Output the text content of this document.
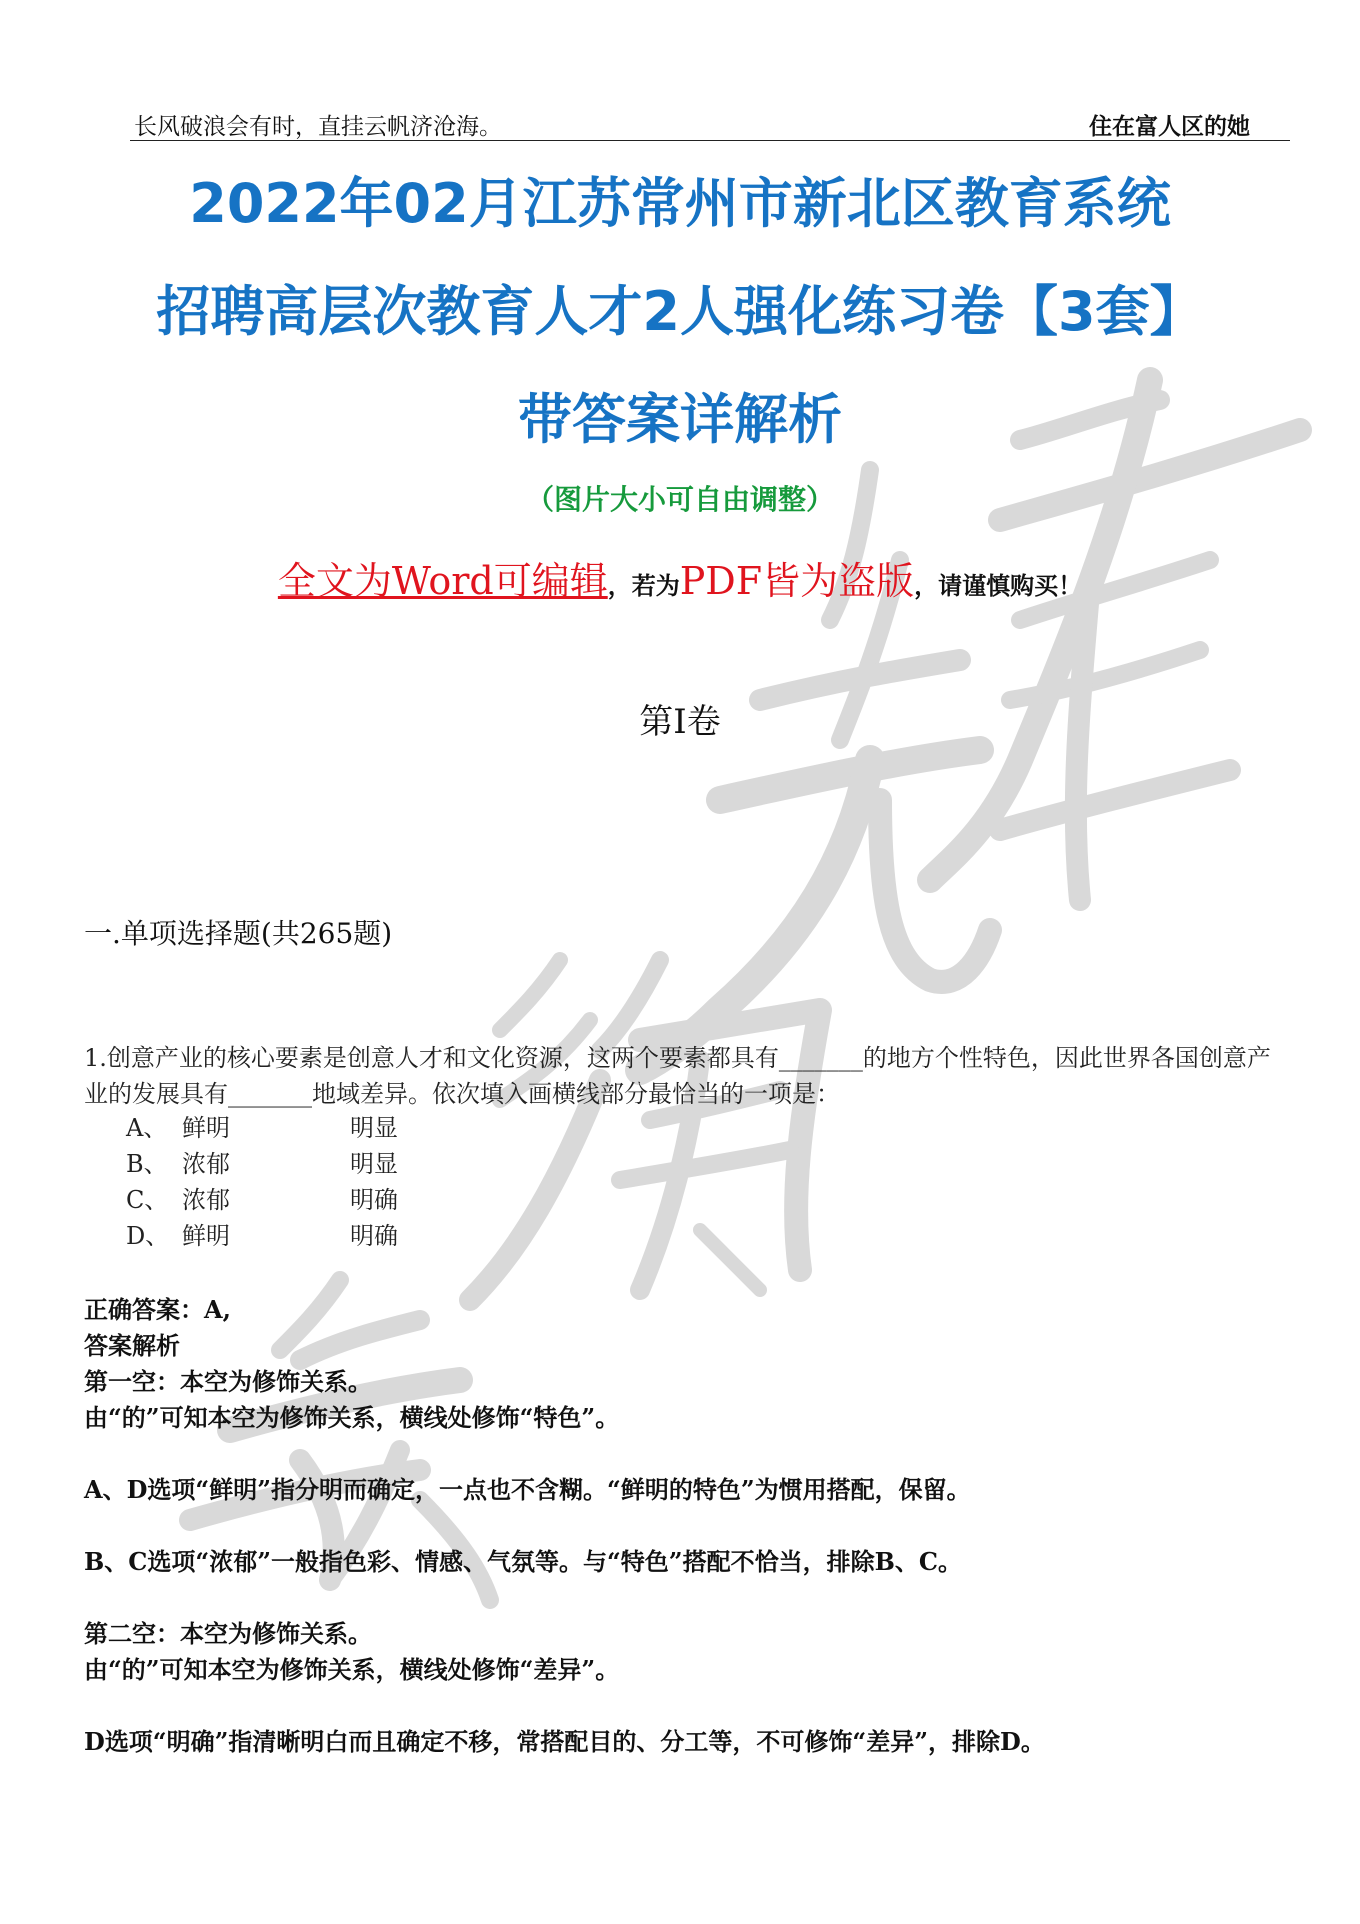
长风破浪会有时，直挂云帆济沧海。	住在富人区的她
2022年02月江苏常州市新北区教育系统
招聘高层次教育人才2人强化练习卷【3套】
带答案详解析
（图片大小可自由调整）
全文为Word可编辑，若为PDF皆为盗版，请谨慎购买！
第Ⅰ卷
一.单项选择题(共265题)
1.创意产业的核心要素是创意人才和文化资源，这两个要素都具有_______的地方个性特色，因此世界各国创意产业的发展具有_______地域差异。依次填入画横线部分最恰当的一项是：
A、 鲜明	明显
B、 浓郁	明显
C、 浓郁	明确
D、 鲜明	明确
正确答案：A,
答案解析
第一空：本空为修饰关系。
由“的”可知本空为修饰关系，横线处修饰“特色”。
A、D选项“鲜明”指分明而确定，一点也不含糊。“鲜明的特色”为惯用搭配，保留。
B、C选项“浓郁”一般指色彩、情感、气氛等。与“特色”搭配不恰当，排除B、C。
第二空：本空为修饰关系。
由“的”可知本空为修饰关系，横线处修饰“差异”。
D选项“明确”指清晰明白而且确定不移，常搭配目的、分工等，不可修饰“差异”，排除D。
